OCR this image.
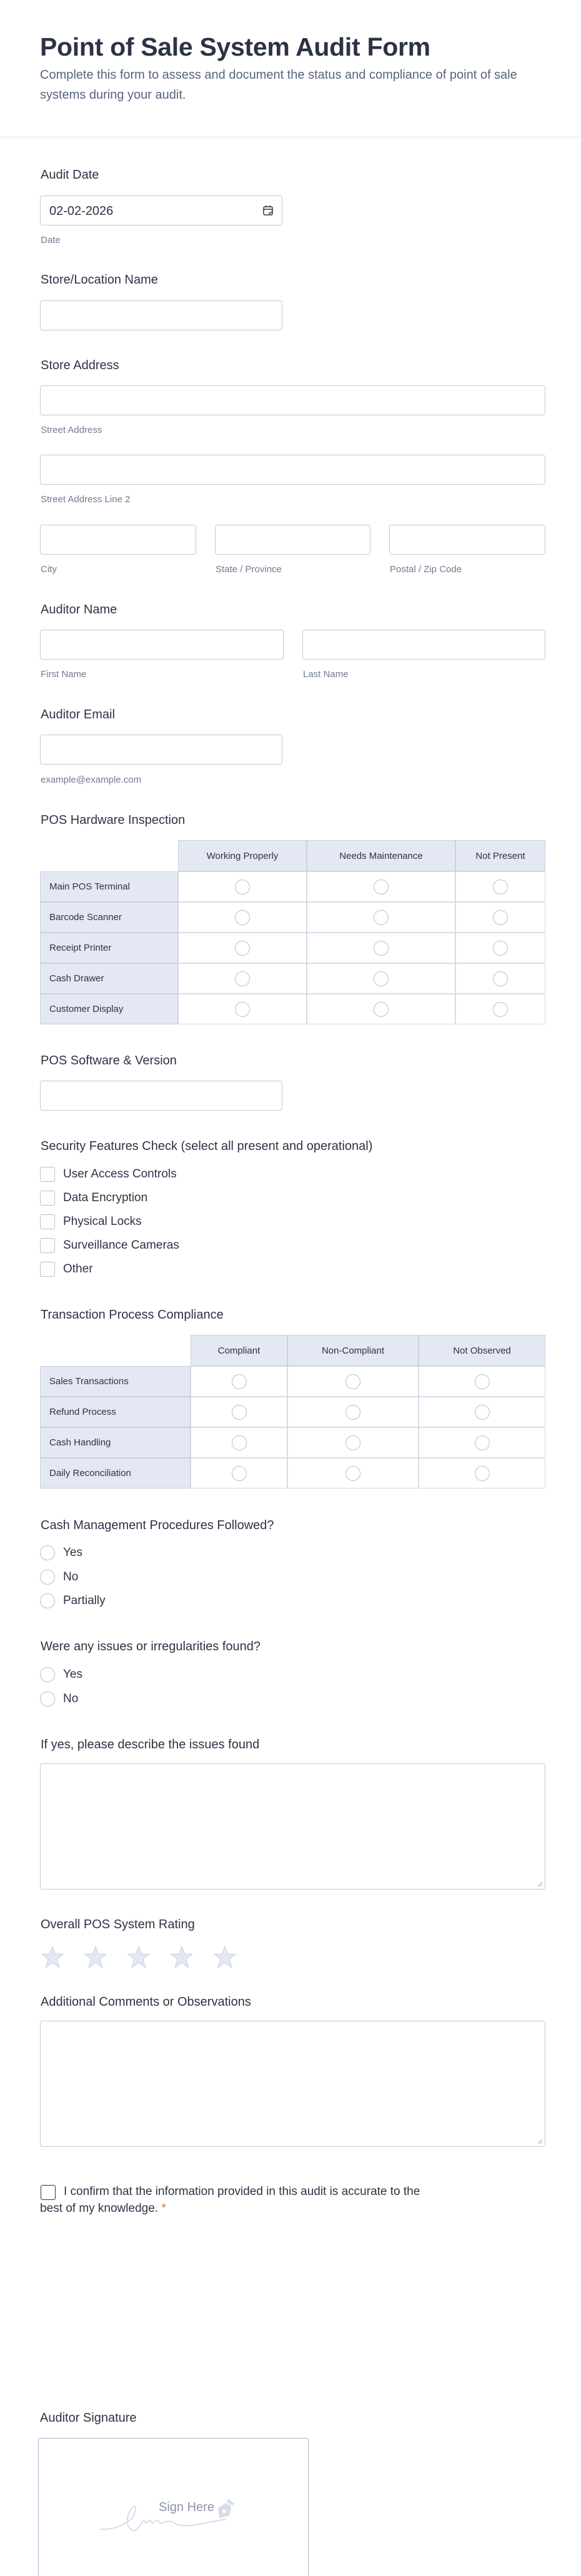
Point of Sale System Audit Form

Complete this form to assess and document the status and compliance of point of sale systems during your audit.

Audit Date
02-02-2026
Date
Store/Location Name
Store Address
Street Address
Street Address Line 2
City	State / Province	Postal / Zip Code
Auditor Name
First Name	Last Name
Auditor Email
example@example.com
POS Hardware Inspection
Working Properly	Needs Maintenance	Not Present
Main POS Terminal
Barcode Scanner
Receipt Printer
Cash Drawer
Customer Display
POS Software & Version
Security Features Check (select all present and operational)
User Access Controls
Data Encryption
Physical Locks
Surveillance Cameras
Other
Transaction Process Compliance
Compliant	Non-Compliant	Not Observed
Sales Transactions
Refund Process
Cash Handling
Daily Reconciliation
Cash Management Procedures Followed?
Yes
No
Partially
Were any issues or irregularities found?
Yes
No
If yes, please describe the issues found
Overall POS System Rating
Additional Comments or Observations
I confirm that the information provided in this audit is accurate to the
best of my knowledge. *
Auditor Signature
Sign Here
